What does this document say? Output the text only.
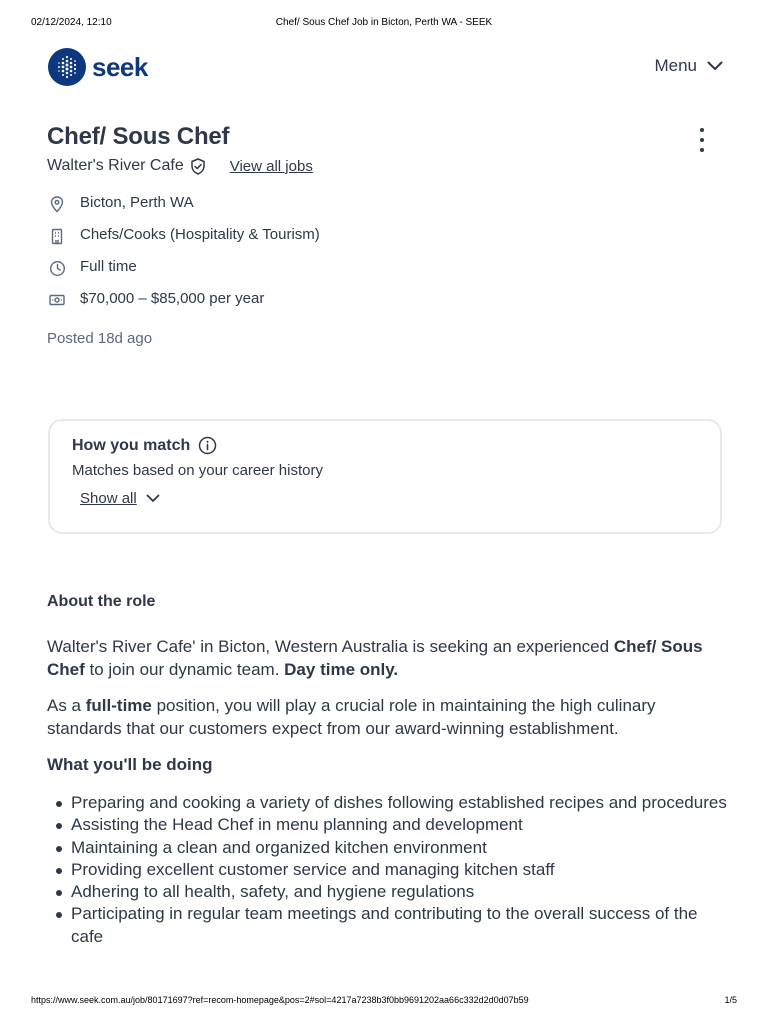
02/12/2024, 12:10	Chef/ Sous Chef Job in Bicton, Perth WA - SEEK
seek	Menu
Chef/ Sous Chef
Walter's River Cafe	View all jobs
Bicton, Perth WA
Chefs/Cooks (Hospitality & Tourism)
Full time
$70,000 – $85,000 per year
Posted 18d ago
How you match
Matches based on your career history
Show all
About the role

Walter's River Cafe' in Bicton, Western Australia is seeking an experienced Chef/ Sous Chef to join our dynamic team. Day time only.

As a full-time position, you will play a crucial role in maintaining the high culinary standards that our customers expect from our award-winning establishment.

What you'll be doing
Preparing and cooking a variety of dishes following established recipes and procedures
Assisting the Head Chef in menu planning and development
Maintaining a clean and organized kitchen environment
Providing excellent customer service and managing kitchen staff
Adhering to all health, safety, and hygiene regulations
Participating in regular team meetings and contributing to the overall success of the cafe
https://www.seek.com.au/job/80171697?ref=recom-homepage&pos=2#sol=4217a7238b3f0bb9691202aa66c332d2d0d07b59	1/5
